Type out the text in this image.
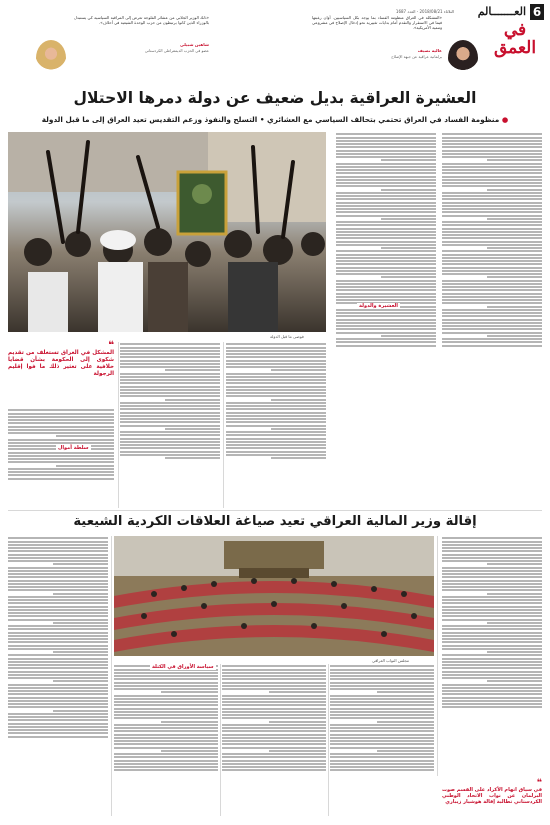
6
العـــــــالم
الثلاثاء 2018/08/21 - العدد 1687
في
العمق
«المشكلة في العراق منظومة الفساد بما يوجد بكل السياسيين. أوان رغبتها فيما في الاستقرار والتقدم أمام بدايات تغييرية نحو إدخال الإصلاح في مشروعي وتنمية الأمريكية».
عالية نصيف
برلمانية عراقية عن جبهة الإصلاح
«ذلك الوزير الجلابي من عشائر الفلوجة تعرض إلى المراقبة السياسية كي يستبدل بالوزراء الذين كانوا يرتبطون من حزب الوحدة الشيعية في أحلاف».
شاهين شبيلي
عضو في الحزب الديمقراطي الكردستاني
العشيرة العراقية بديل ضعيف عن دولة دمرها الاحتلال
● منظومة الفساد في العراق تحتمي بتحالف السياسي مع العشائري • التسلح والنفوذ وزعم التقديس تعيد العراق إلى ما قبل الدولة
العشيرة والدولة
فوضى ما قبل الدولة
❝
المشكل في العراق تستغلف من تقديم شكوى إلى الحكومة بشأن قضايا خلافية على تعثير ذلك ما فوا إقليم الرجولة
سلطة أموال
إقالة وزير المالية العراقي تعيد صياغة العلاقات الكردية الشيعية
مجلس النواب العراقي
سياسة الأوراق في الكتلة
❝
في سياق اتهام الأكراد على القسم صوت البرلمان عن نواب الاتحاد الوطني الكردستاني تطالبة إقالة هوشيار زيباري
